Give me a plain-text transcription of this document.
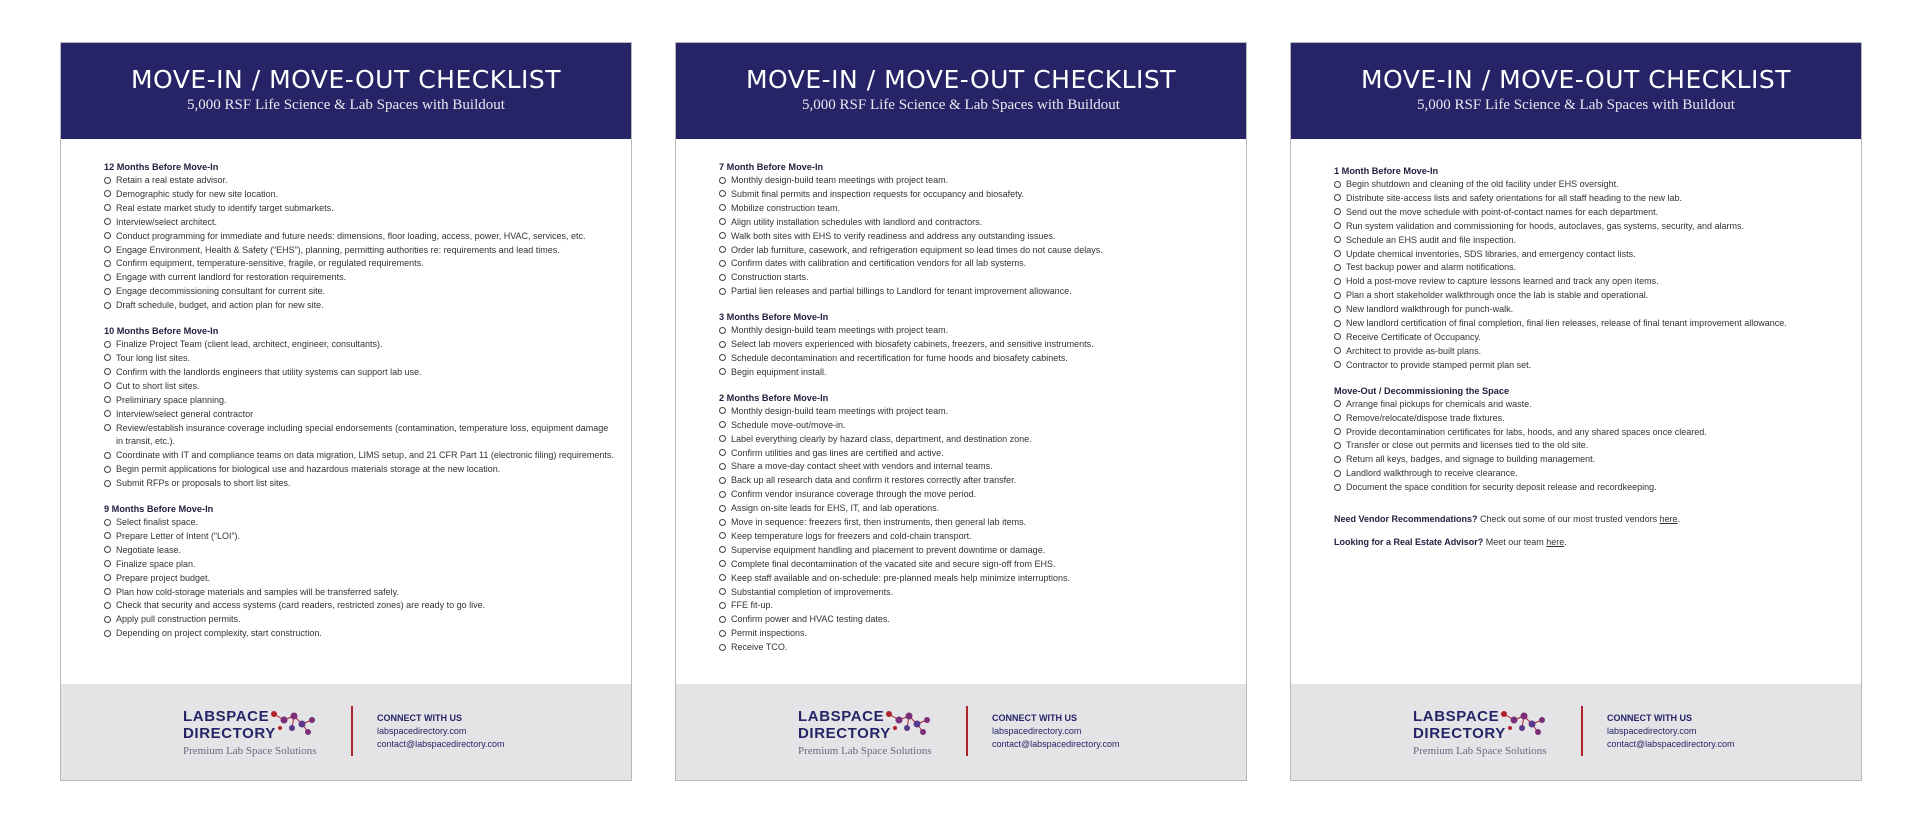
MOVE-IN / MOVE-OUT CHECKLIST
5,000 RSF Life Science & Lab Spaces with Buildout
12 Months Before Move-In
Retain a real estate advisor.
Demographic study for new site location.
Real estate market study to identify target submarkets.
Interview/select architect.
Conduct programming for immediate and future needs: dimensions, floor loading, access, power, HVAC, services, etc.
Engage Environment, Health & Safety (“EHS”), planning, permitting authorities re: requirements and lead times.
Confirm equipment, temperature-sensitive, fragile, or regulated requirements.
Engage with current landlord for restoration requirements.
Engage decommissioning consultant for current site.
Draft schedule, budget, and action plan for new site.
10 Months Before Move-In
Finalize Project Team (client lead, architect, engineer, consultants).
Tour long list sites.
Confirm with the landlords engineers that utility systems can support lab use.
Cut to short list sites.
Preliminary space planning.
Interview/select general contractor
Review/establish insurance coverage including special endorsements (contamination, temperature loss, equipment damage in transit, etc.).
Coordinate with IT and compliance teams on data migration, LIMS setup, and 21 CFR Part 11 (electronic filing) requirements.
Begin permit applications for biological use and hazardous materials storage at the new location.
Submit RFPs or proposals to short list sites.
9 Months Before Move-In
Select finalist space.
Prepare Letter of Intent (“LOI”).
Negotiate lease.
Finalize space plan.
Prepare project budget.
Plan how cold-storage materials and samples will be transferred safely.
Check that security and access systems (card readers, restricted zones) are ready to go live.
Apply pull construction permits.
Depending on project complexity, start construction.
LABSPACE
DIRECTORY
Premium Lab Space Solutions
CONNECT WITH US
labspacedirectory.com
contact@labspacedirectory.com
MOVE-IN / MOVE-OUT CHECKLIST
5,000 RSF Life Science & Lab Spaces with Buildout
7 Month Before Move-In
Monthly design-build team meetings with project team.
Submit final permits and inspection requests for occupancy and biosafety.
Mobilize construction team.
Align utility installation schedules with landlord and contractors.
Walk both sites with EHS to verify readiness and address any outstanding issues.
Order lab furniture, casework, and refrigeration equipment so lead times do not cause delays.
Confirm dates with calibration and certification vendors for all lab systems.
Construction starts.
Partial lien releases and partial billings to Landlord for tenant improvement allowance.
3 Months Before Move-In
Monthly design-build team meetings with project team.
Select lab movers experienced with biosafety cabinets, freezers, and sensitive instruments.
Schedule decontamination and recertification for fume hoods and biosafety cabinets.
Begin equipment install.
2 Months Before Move-In
Monthly design-build team meetings with project team.
Schedule move-out/move-in.
Label everything clearly by hazard class, department, and destination zone.
Confirm utilities and gas lines are certified and active.
Share a move-day contact sheet with vendors and internal teams.
Back up all research data and confirm it restores correctly after transfer.
Confirm vendor insurance coverage through the move period.
Assign on-site leads for EHS, IT, and lab operations.
Move in sequence: freezers first, then instruments, then general lab items.
Keep temperature logs for freezers and cold-chain transport.
Supervise equipment handling and placement to prevent downtime or damage.
Complete final decontamination of the vacated site and secure sign-off from EHS.
Keep staff available and on-schedule: pre-planned meals help minimize interruptions.
Substantial completion of improvements.
FFE fit-up.
Confirm power and HVAC testing dates.
Permit inspections.
Receive TCO.
LABSPACE
DIRECTORY
Premium Lab Space Solutions
CONNECT WITH US
labspacedirectory.com
contact@labspacedirectory.com
MOVE-IN / MOVE-OUT CHECKLIST
5,000 RSF Life Science & Lab Spaces with Buildout
1 Month Before Move-In
Begin shutdown and cleaning of the old facility under EHS oversight.
Distribute site-access lists and safety orientations for all staff heading to the new lab.
Send out the move schedule with point-of-contact names for each department.
Run system validation and commissioning for hoods, autoclaves, gas systems, security, and alarms.
Schedule an EHS audit and file inspection.
Update chemical inventories, SDS libraries, and emergency contact lists.
Test backup power and alarm notifications.
Hold a post-move review to capture lessons learned and track any open items.
Plan a short stakeholder walkthrough once the lab is stable and operational.
New landlord walkthrough for punch-walk.
New landlord certification of final completion, final lien releases, release of final tenant improvement allowance.
Receive Certificate of Occupancy.
Architect to provide as-built plans.
Contractor to provide stamped permit plan set.
Move-Out / Decommissioning the Space
Arrange final pickups for chemicals and waste.
Remove/relocate/dispose trade fixtures.
Provide decontamination certificates for labs, hoods, and any shared spaces once cleared.
Transfer or close out permits and licenses tied to the old site.
Return all keys, badges, and signage to building management.
Landlord walkthrough to receive clearance.
Document the space condition for security deposit release and recordkeeping.
Need Vendor Recommendations? Check out some of our most trusted vendors here.
Looking for a Real Estate Advisor? Meet our team here.
LABSPACE
DIRECTORY
Premium Lab Space Solutions
CONNECT WITH US
labspacedirectory.com
contact@labspacedirectory.com
